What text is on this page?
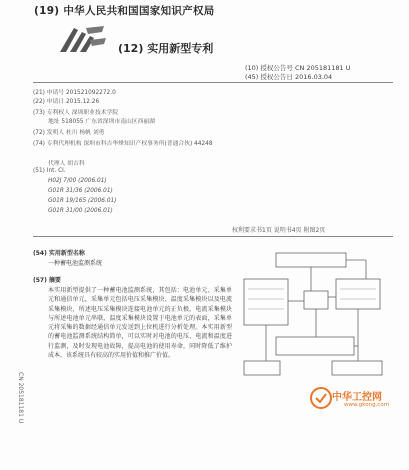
(19) 中华人民共和国国家知识产权局
(12) 实用新型专利
(10) 授权公告号 CN 205181181 U
(45) 授权公告日 2016.03.04
(21) 申请号 201521092272.0
(22) 申请日 2015.12.26
(73) 专利权人 深圳职业技术学院
地址 518055 广东省深圳市南山区西丽湖
(72) 发明人 杜川 杨帆 刘勇
(74) 专利代理机构 深圳市科吉华烽知识产权事务所(普通合伙) 44248
代理人 胡吉科
(51) Int. Cl.
H02J 7/00 (2006.01)
G01R 31/36 (2006.01)
G01R 19/165 (2006.01)
G01R 31/00 (2006.01)
权利要求书1页 说明书4页 附图2页
(54) 实用新型名称
一种蓄电池监测系统
(57) 摘要
本实用新型提供了一种蓄电池监测系统，其包括：电池单元、采集单元和通信单元，采集单元包括电压采集模块、温度采集模块以及电流采集模块，所述电压采集模块连接电池单元的正负极，电流采集模块与所述电池单元串联，温度采集模块设置于电池单元的表面，采集单元将采集的数据经通信单元发送到上位机进行分析处理。本实用新型的蓄电池监测系统结构简单，可以实时对电池的电压、电流和温度进行监测，及时发现电池故障，提高电池的使用寿命，同时降低了维护成本，该系统具有较高的实用价值和推广价值。
CN 205181181 U	中华工控网
www.gkong.com
